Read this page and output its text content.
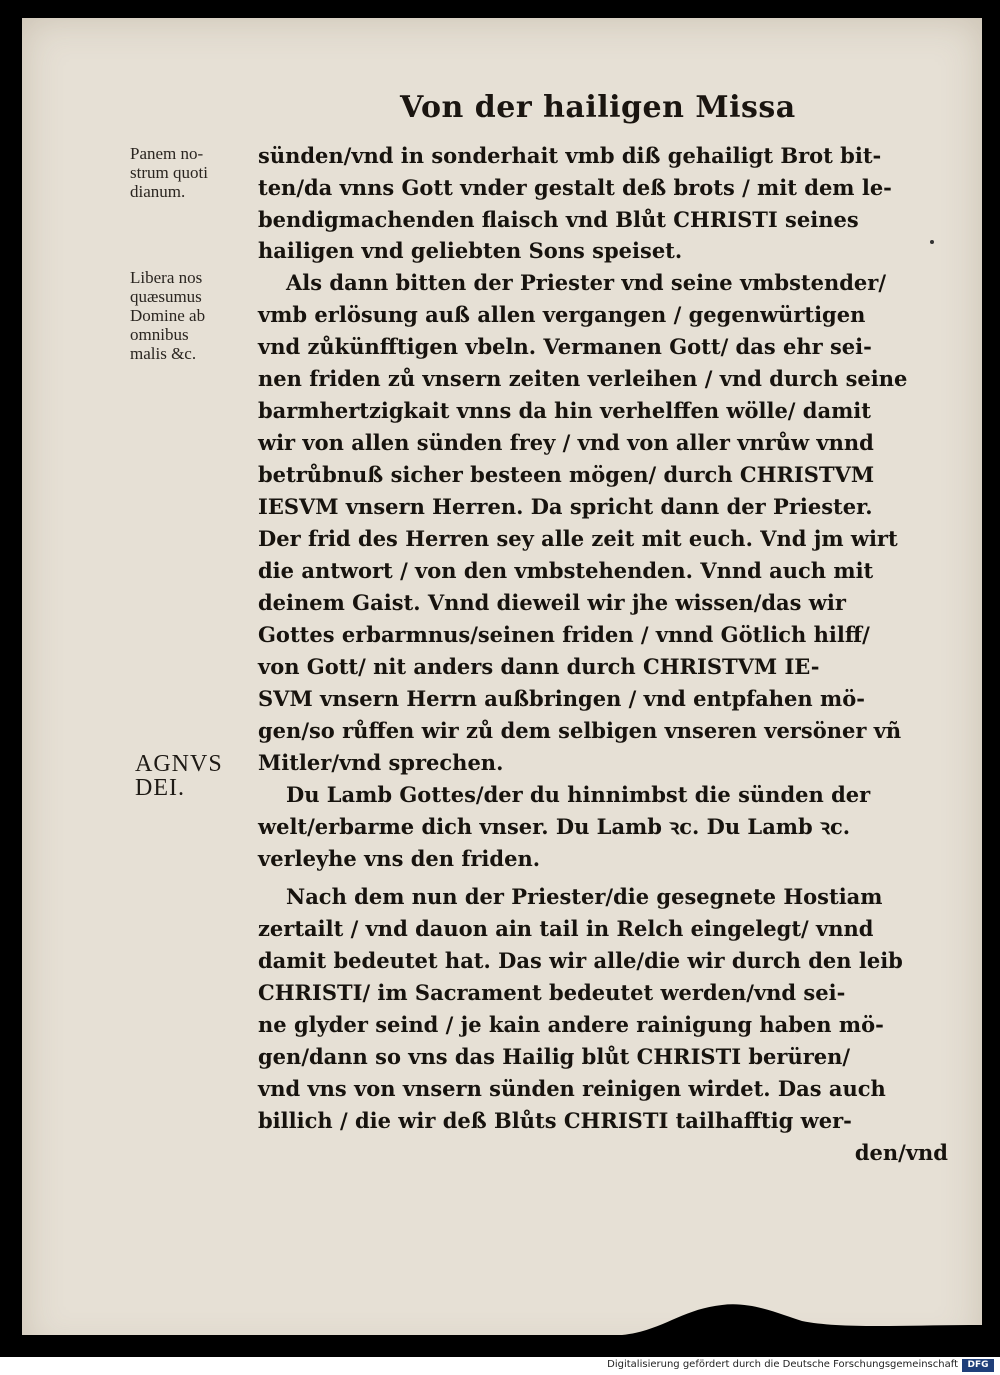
Von der hailigen Missa
Panem no-
strum quoti
dianum.
Libera nos
quæsumus
Domine ab
omnibus
malis &c.
AGNVS
DEI.
sünden/vnd in sonderhait vmb diß gehailigt Brot bit-
ten/da vnns Gott vnder gestalt deß brots / mit dem le-
bendigmachenden flaisch vnd Blůt CHRISTI seines
hailigen vnd geliebten Sons speiset.
Als dann bitten der Priester vnd seine vmbstender/
vmb erlösung auß allen vergangen / gegenwürtigen
vnd zůkünfftigen vbeln. Vermanen Gott/ das ehr sei-
nen friden zů vnsern zeiten verleihen / vnd durch seine
barmhertzigkait vnns da hin verhelffen wölle/ damit
wir von allen sünden frey / vnd von aller vnrůw vnnd
betrůbnuß sicher besteen mögen/ durch CHRISTVM
IESVM vnsern Herren. Da spricht dann der Priester.
Der frid des Herren sey alle zeit mit euch. Vnd jm wirt
die antwort / von den vmbstehenden. Vnnd auch mit
deinem Gaist. Vnnd dieweil wir jhe wissen/das wir
Gottes erbarmnus/seinen friden / vnnd Götlich hilff/
von Gott/ nit anders dann durch CHRISTVM IE-
SVM vnsern Herrn außbringen / vnd entpfahen mö-
gen/so růffen wir zů dem selbigen vnseren versöner vñ
Mitler/vnd sprechen.
Du Lamb Gottes/der du hinnimbst die sünden der
welt/erbarme dich vnser. Du Lamb ꝛc. Du Lamb ꝛc.
verleyhe vns den friden.
Nach dem nun der Priester/die gesegnete Hostiam
zertailt / vnd dauon ain tail in Relch eingelegt/ vnnd
damit bedeutet hat. Das wir alle/die wir durch den leib
CHRISTI/ im Sacrament bedeutet werden/vnd sei-
ne glyder seind / je kain andere rainigung haben mö-
gen/dann so vns das Hailig blůt CHRISTI berüren/
vnd vns von vnsern sünden reinigen wirdet. Das auch
billich / die wir deß Blůts CHRISTI tailhafftig wer-
den/vnd
Digitalisierung gefördert durch die Deutsche Forschungsgemeinschaft	DFG
